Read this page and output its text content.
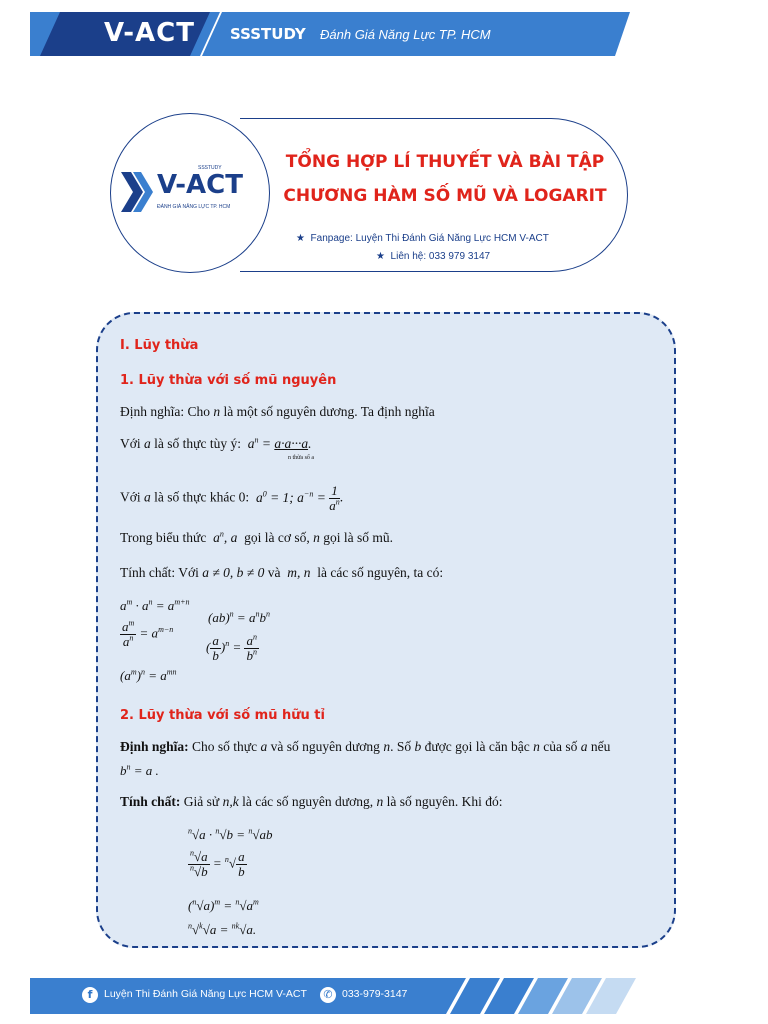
V-ACT SSSTUDY Đánh Giá Năng Lực TP. HCM
SSSTUDY
V-ACT
ĐÁNH GIÁ NĂNG LỰC TP. HCM
TỔNG HỢP LÍ THUYẾT VÀ BÀI TẬP
CHƯƠNG HÀM SỐ MŨ VÀ LOGARIT
★ Fanpage: Luyện Thi Đánh Giá Năng Lực HCM V-ACT
★ Liên hệ: 033 979 3147
I. Lũy thừa
1. Lũy thừa với số mũ nguyên
Định nghĩa: Cho n là một số nguyên dương. Ta định nghĩa
Với a là số thực tùy ý:  $a^n = a\cdot a\cdot\cdot\cdot a$.
n thừa số a
Với a là số thực khác 0:  $a^0 = 1$; $a^{-n} = \frac{1}{a^n}$ .
Trong biểu thức  $a^n$, a  gọi là cơ số, n gọi là số mũ.
Tính chất: Với a ≠ 0, b ≠ 0 và  m, n  là các số nguyên, ta có:
$a^m \cdot a^n = a^{m+n}$
$(ab)^n = a^nb^n$
$\frac{a^m}{a^n} = a^{m-n}$
( $\frac{a}{b} )^n = \frac{a^n}{b^n}$
$(a^m)^n = a^{mn}$
2. Lũy thừa với số mũ hữu tỉ
Định nghĩa: Cho số thực a và số nguyên dương n. Số b được gọi là căn bậc n của số a nếu
$b^n = a$ .
Tính chất: Giả sử n,k là các số nguyên dương, n là số nguyên. Khi đó:
$^n$√a · $^n$√b = $^n$√ab
$\frac{^n√a}{^n√b} = ^n√ \frac{a}{b}$
$(^n√a)^m = ^n√a^m$
$^n$√$^k$√a = $^{nk}$√a.
f	Luyện Thi Đánh Giá Năng Lực HCM V-ACT	✆ 033-979-3147
